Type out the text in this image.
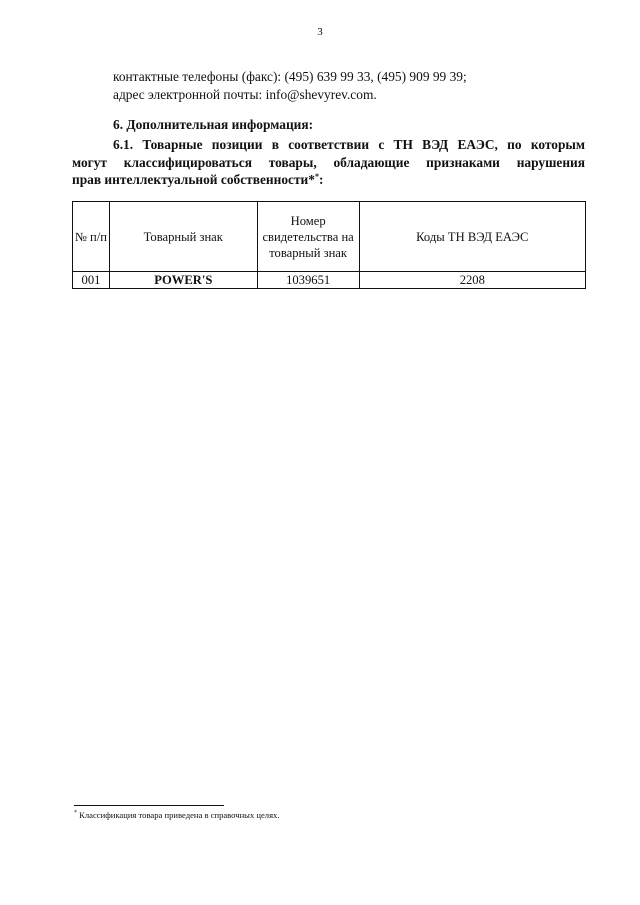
3
контактные телефоны (факс): (495) 639 99 33, (495) 909 99 39;
адрес электронной почты: info@shevyrev.com.
6. Дополнительная информация:
6.1. Товарные позиции в соответствии с ТН ВЭД ЕАЭС, по которым
могут классифицироваться товары, обладающие признаками нарушения
прав интеллектуальной собственности**:
№ п/п	Товарный знак	Номер свидетельства на товарный знак	Коды ТН ВЭД ЕАЭС
001	POWER'S	1039651	2208
* Классификация товара приведена в справочных целях.
